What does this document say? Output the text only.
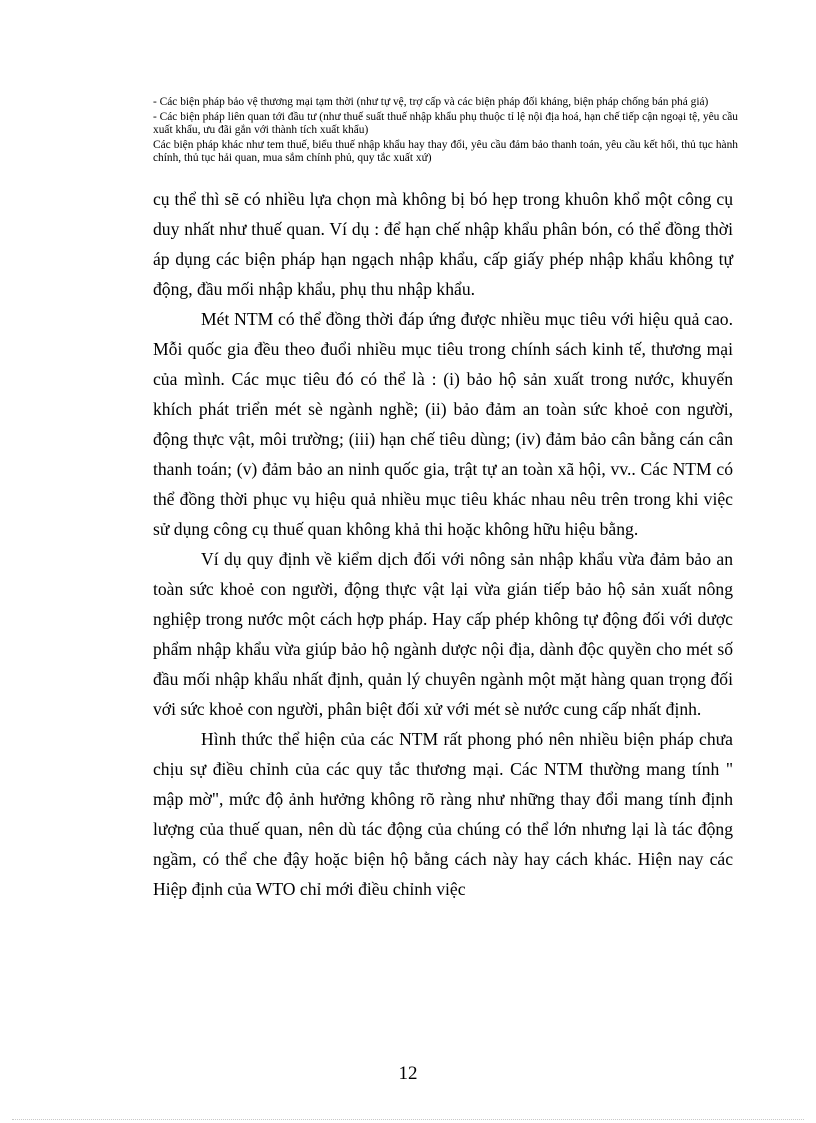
- Các biện pháp bảo vệ thương mại tạm thời (như tự vệ, trợ cấp và các biện pháp đối kháng, biện pháp chống bán phá giá)

- Các biện pháp liên quan tới đầu tư (như thuế suất thuế nhập khẩu phụ thuộc tỉ lệ nội địa hoá, hạn chế tiếp cận ngoại tệ, yêu cầu xuất khẩu, ưu đãi gắn với thành tích xuất khẩu)

Các biện pháp khác như tem thuế, biểu thuế nhập khẩu hay thay đổi, yêu cầu đảm bảo thanh toán, yêu cầu kết hối, thủ tục hành chính, thủ tục hải quan, mua sắm chính phủ, quy tắc xuất xứ)

cụ thể thì sẽ có nhiều lựa chọn mà không bị bó hẹp trong khuôn khổ một công cụ duy nhất như thuế quan. Ví dụ : để hạn chế nhập khẩu phân bón, có thể đồng thời áp dụng các biện pháp hạn ngạch nhập khẩu, cấp giấy phép nhập khẩu không tự động, đầu mối nhập khẩu, phụ thu nhập khẩu.

Mét NTM có thể đồng thời đáp ứng được nhiều mục tiêu với hiệu quả cao. Mỗi quốc gia đều theo đuổi nhiều mục tiêu trong chính sách kinh tế, thương mại của mình. Các mục tiêu đó có thể là : (i) bảo hộ sản xuất trong nước, khuyến khích phát triển mét sè ngành nghề; (ii) bảo đảm an toàn sức khoẻ con người, động thực vật, môi trường; (iii) hạn chế tiêu dùng; (iv) đảm bảo cân bằng cán cân thanh toán; (v) đảm bảo an ninh quốc gia, trật tự an toàn xã hội, vv.. Các NTM có thể đồng thời phục vụ hiệu quả nhiều mục tiêu khác nhau nêu trên trong khi việc sử dụng công cụ thuế quan không khả thi hoặc không hữu hiệu bằng.

Ví dụ quy định về kiểm dịch đối với nông sản nhập khẩu vừa đảm bảo an toàn sức khoẻ con người, động thực vật lại vừa gián tiếp bảo hộ sản xuất nông nghiệp trong nước một cách hợp pháp. Hay cấp phép không tự động đối với dược phẩm nhập khẩu vừa giúp bảo hộ ngành dược nội địa, dành độc quyền cho mét số đầu mối nhập khẩu nhất định, quản lý chuyên ngành một mặt hàng quan trọng đối với sức khoẻ con người, phân biệt đối xử với mét sè nước cung cấp nhất định.

Hình thức thể hiện của các NTM rất phong phó nên nhiều biện pháp chưa chịu sự điều chỉnh của các quy tắc thương mại. Các NTM thường mang tính " mập mờ", mức độ ảnh hưởng không rõ ràng như những thay đổi mang tính định lượng của thuế quan, nên dù tác động của chúng có thể lớn nhưng lại là tác động ngầm, có thể che đậy hoặc biện hộ bằng cách này hay cách khác. Hiện nay các Hiệp định của WTO chỉ mới điều chỉnh việc

12
